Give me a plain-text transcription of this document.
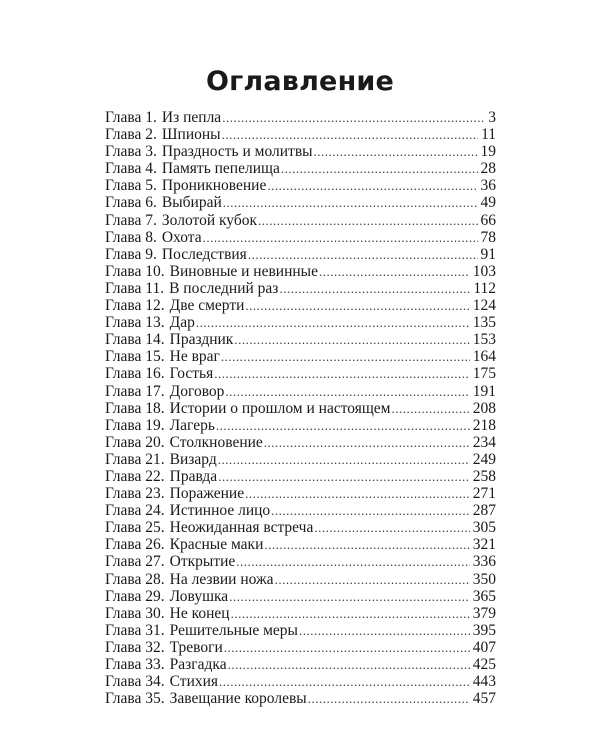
Оглавление
Глава 1. Из пепла .....	3
Глава 2. Шпионы .....	11
Глава 3. Праздность и молитвы .....	19
Глава 4. Память пепелища .....	28
Глава 5. Проникновение .....	36
Глава 6. Выбирай .....	49
Глава 7. Золотой кубок .....	66
Глава 8. Охота .....	78
Глава 9. Последствия .....	91
Глава 10. Виновные и невинные .....	103
Глава 11. В последний раз .....	112
Глава 12. Две смерти .....	124
Глава 13. Дар .....	135
Глава 14. Праздник .....	153
Глава 15. Не враг .....	164
Глава 16. Гостья .....	175
Глава 17. Договор .....	191
Глава 18. Истории о прошлом и настоящем .....	208
Глава 19. Лагерь .....	218
Глава 20. Столкновение .....	234
Глава 21. Визард .....	249
Глава 22. Правда .....	258
Глава 23. Поражение .....	271
Глава 24. Истинное лицо .....	287
Глава 25. Неожиданная встреча .....	305
Глава 26. Красные маки .....	321
Глава 27. Открытие .....	336
Глава 28. На лезвии ножа .....	350
Глава 29. Ловушка .....	365
Глава 30. Не конец .....	379
Глава 31. Решительные меры .....	395
Глава 32. Тревоги .....	407
Глава 33. Разгадка .....	425
Глава 34. Стихия .....	443
Глава 35. Завещание королевы .....	457
